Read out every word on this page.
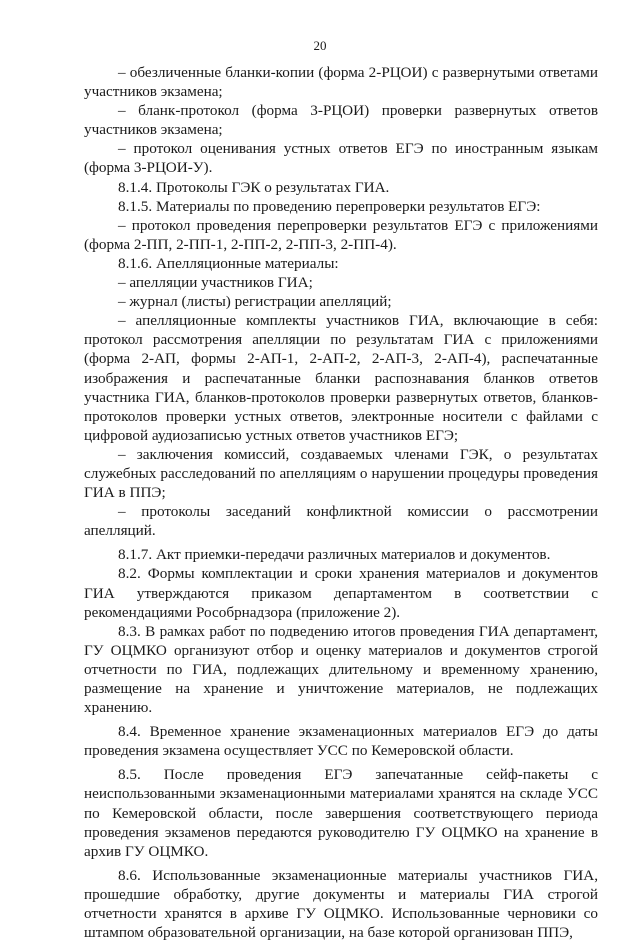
20

– обезличенные бланки-копии (форма 2-РЦОИ) с развернутыми ответами участников экзамена;

– бланк-протокол (форма 3-РЦОИ) проверки развернутых ответов участников экзамена;

– протокол оценивания устных ответов ЕГЭ по иностранным языкам (форма 3-РЦОИ-У).

8.1.4. Протоколы ГЭК о результатах ГИА.

8.1.5. Материалы по проведению перепроверки результатов ЕГЭ:

– протокол проведения перепроверки результатов ЕГЭ с приложениями (форма 2-ПП, 2-ПП-1, 2-ПП-2, 2-ПП-3, 2-ПП-4).

8.1.6. Апелляционные материалы:

– апелляции участников ГИА;

– журнал (листы) регистрации апелляций;

– апелляционные комплекты участников ГИА, включающие в себя: протокол рассмотрения апелляции по результатам ГИА с приложениями (форма 2-АП, формы 2-АП-1, 2-АП-2, 2-АП-3, 2-АП-4), распечатанные изображения и распечатанные бланки распознавания бланков ответов участника ГИА, бланков-протоколов проверки развернутых ответов, бланков-протоколов проверки устных ответов, электронные носители с файлами с цифровой аудиозаписью устных ответов участников ЕГЭ;

– заключения комиссий, создаваемых членами ГЭК, о результатах служебных расследований по апелляциям о нарушении процедуры проведения ГИА в ППЭ;

– протоколы заседаний конфликтной комиссии о рассмотрении апелляций.

8.1.7. Акт приемки-передачи различных материалов и документов.

8.2. Формы комплектации и сроки хранения материалов и документов ГИА утверждаются приказом департаментом в соответствии с рекомендациями Рособрнадзора (приложение 2).

8.3. В рамках работ по подведению итогов проведения ГИА департамент, ГУ ОЦМКО организуют отбор и оценку материалов и документов строгой отчетности по ГИА, подлежащих длительному и временному хранению, размещение на хранение и уничтожение материалов, не подлежащих хранению.

8.4. Временное хранение экзаменационных материалов ЕГЭ до даты проведения экзамена осуществляет УСС по Кемеровской области.

8.5. После проведения ЕГЭ запечатанные сейф-пакеты с неиспользованными экзаменационными материалами хранятся на складе УСС по Кемеровской области, после завершения соответствующего периода проведения экзаменов передаются руководителю ГУ ОЦМКО на хранение в архив ГУ ОЦМКО.

8.6. Использованные экзаменационные материалы участников ГИА, прошедшие обработку, другие документы и материалы ГИА строгой отчетности хранятся в архиве ГУ ОЦМКО. Использованные черновики со штампом образовательной организации, на базе которой организован ППЭ,
